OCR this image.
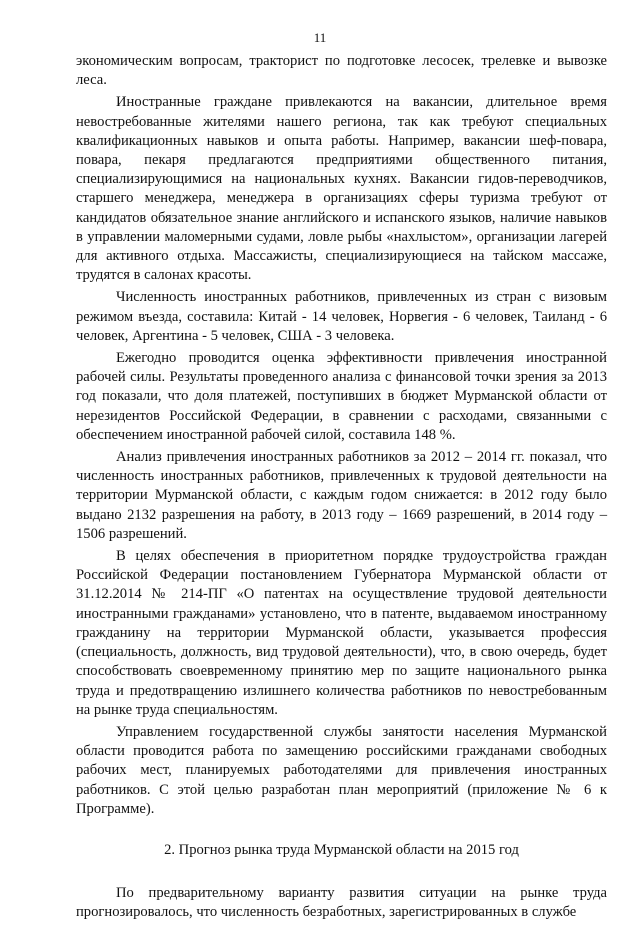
11

экономическим вопросам, тракторист по подготовке лесосек, трелевке и вывозке леса.

Иностранные граждане привлекаются на вакансии, длительное время невостребованные жителями нашего региона, так как требуют специальных квалификационных навыков и опыта работы. Например, вакансии шеф-повара, повара, пекаря предлагаются предприятиями общественного питания, специализирующимися на национальных кухнях. Вакансии гидов-переводчиков, старшего менеджера, менеджера в организациях сферы туризма требуют от кандидатов обязательное знание английского и испанского языков, наличие навыков в управлении маломерными судами, ловле рыбы «нахлыстом», организации лагерей для активного отдыха. Массажисты, специализирующиеся на тайском массаже, трудятся в салонах красоты.

Численность иностранных работников, привлеченных из стран с визовым режимом въезда, составила: Китай - 14 человек, Норвегия - 6 человек, Таиланд - 6 человек, Аргентина - 5 человек, США - 3 человека.

Ежегодно проводится оценка эффективности привлечения иностранной рабочей силы. Результаты проведенного анализа с финансовой точки зрения за 2013 год показали, что доля платежей, поступивших в бюджет Мурманской области от нерезидентов Российской Федерации, в сравнении с расходами, связанными с обеспечением иностранной рабочей силой, составила 148 %.

Анализ привлечения иностранных работников за 2012 – 2014 гг. показал, что численность иностранных работников, привлеченных к трудовой деятельности на территории Мурманской области, с каждым годом снижается: в 2012 году было выдано 2132 разрешения на работу, в 2013 году – 1669 разрешений, в 2014 году – 1506 разрешений.

В целях обеспечения в приоритетном порядке трудоустройства граждан Российской Федерации постановлением Губернатора Мурманской области от 31.12.2014 № 214-ПГ «О патентах на осуществление трудовой деятельности иностранными гражданами» установлено, что в патенте, выдаваемом иностранному гражданину на территории Мурманской области, указывается профессия (специальность, должность, вид трудовой деятельности), что, в свою очередь, будет способствовать своевременному принятию мер по защите национального рынка труда и предотвращению излишнего количества работников по невостребованным на рынке труда специальностям.

Управлением государственной службы занятости населения Мурманской области проводится работа по замещению российскими гражданами свободных рабочих мест, планируемых работодателями для привлечения иностранных работников. С этой целью разработан план мероприятий (приложение № 6 к Программе).

2. Прогноз рынка труда Мурманской области на 2015 год

По предварительному варианту развития ситуации на рынке труда прогнозировалось, что численность безработных, зарегистрированных в службе
